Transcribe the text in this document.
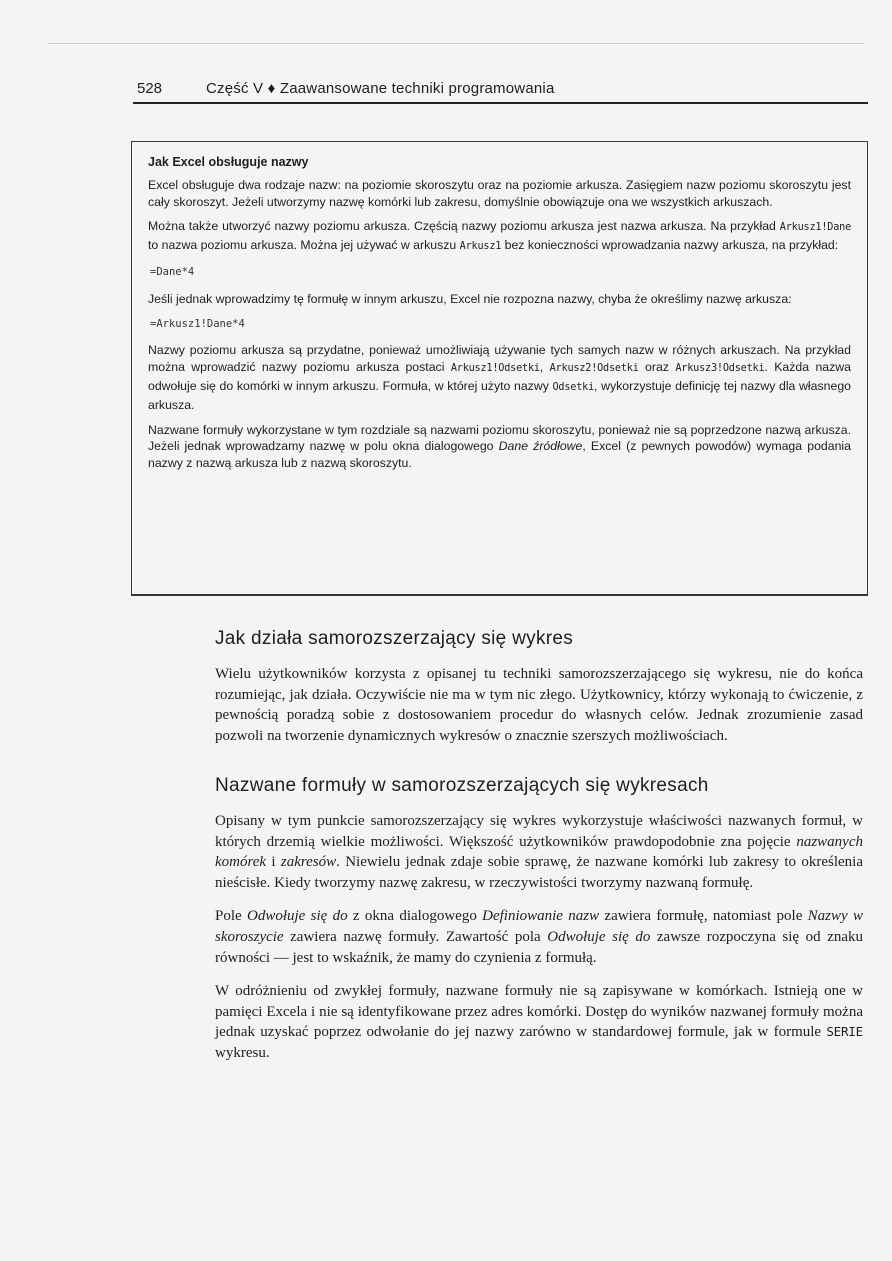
528	Część V ♦ Zaawansowane techniki programowania
Jak Excel obsługuje nazwy

Excel obsługuje dwa rodzaje nazw: na poziomie skoroszytu oraz na poziomie arkusza. Zasięgiem nazw poziomu skoroszytu jest cały skoroszyt. Jeżeli utworzymy nazwę komórki lub zakresu, domyślnie obowiązuje ona we wszystkich arkuszach.

Można także utworzyć nazwy poziomu arkusza. Częścią nazwy poziomu arkusza jest nazwa arkusza. Na przykład Arkusz1!Dane to nazwa poziomu arkusza. Można jej używać w arkuszu Arkusz1 bez konieczności wprowadzania nazwy arkusza, na przykład:

=Dane*4

Jeśli jednak wprowadzimy tę formułę w innym arkuszu, Excel nie rozpozna nazwy, chyba że określimy nazwę arkusza:

=Arkusz1!Dane*4

Nazwy poziomu arkusza są przydatne, ponieważ umożliwiają używanie tych samych nazw w różnych arkuszach. Na przykład można wprowadzić nazwy poziomu arkusza postaci Arkusz1!Odsetki, Arkusz2!Odsetki oraz Arkusz3!Odsetki. Każda nazwa odwołuje się do komórki w innym arkuszu. Formuła, w której użyto nazwy Odsetki, wykorzystuje definicję tej nazwy dla własnego arkusza.

Nazwane formuły wykorzystane w tym rozdziale są nazwami poziomu skoroszytu, ponieważ nie są poprzedzone nazwą arkusza. Jeżeli jednak wprowadzamy nazwę w polu okna dialogowego Dane źródłowe, Excel (z pewnych powodów) wymaga podania nazwy z nazwą arkusza lub z nazwą skoroszytu.

Jak działa samorozszerzający się wykres

Wielu użytkowników korzysta z opisanej tu techniki samorozszerzającego się wykresu, nie do końca rozumiejąc, jak działa. Oczywiście nie ma w tym nic złego. Użytkownicy, którzy wykonają to ćwiczenie, z pewnością poradzą sobie z dostosowaniem procedur do własnych celów. Jednak zrozumienie zasad pozwoli na tworzenie dynamicznych wykresów o znacznie szerszych możliwościach.

Nazwane formuły w samorozszerzających się wykresach

Opisany w tym punkcie samorozszerzający się wykres wykorzystuje właściwości nazwanych formuł, w których drzemią wielkie możliwości. Większość użytkowników prawdopodobnie zna pojęcie nazwanych komórek i zakresów. Niewielu jednak zdaje sobie sprawę, że nazwane komórki lub zakresy to określenia nieścisłe. Kiedy tworzymy nazwę zakresu, w rzeczywistości tworzymy nazwaną formułę.

Pole Odwołuje się do z okna dialogowego Definiowanie nazw zawiera formułę, natomiast pole Nazwy w skoroszycie zawiera nazwę formuły. Zawartość pola Odwołuje się do zawsze rozpoczyna się od znaku równości — jest to wskaźnik, że mamy do czynienia z formułą.

W odróżnieniu od zwykłej formuły, nazwane formuły nie są zapisywane w komórkach. Istnieją one w pamięci Excela i nie są identyfikowane przez adres komórki. Dostęp do wyników nazwanej formuły można jednak uzyskać poprzez odwołanie do jej nazwy zarówno w standardowej formule, jak w formule SERIE wykresu.
